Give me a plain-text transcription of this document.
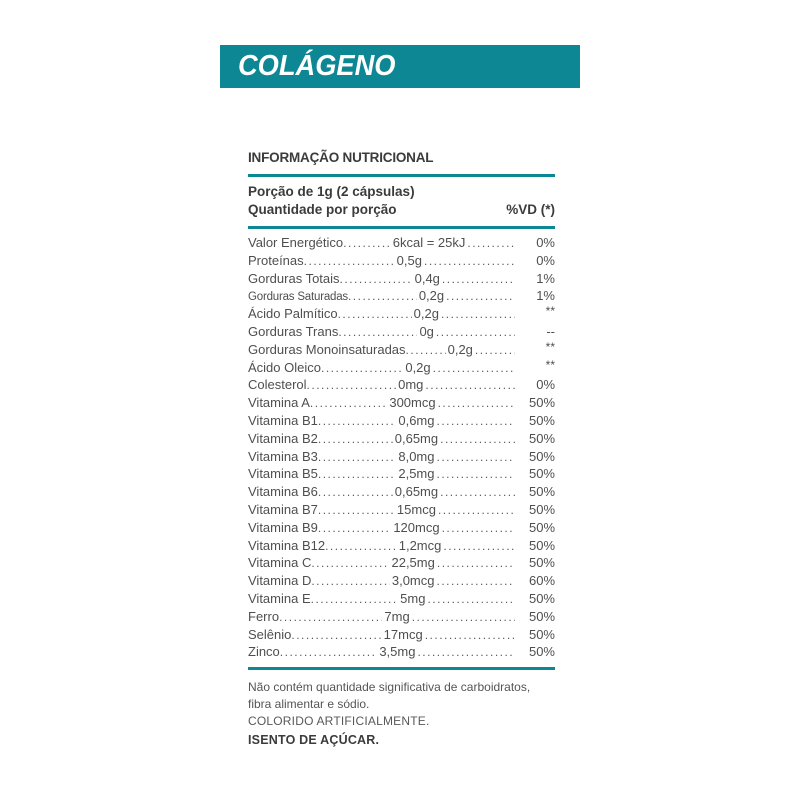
COLÁGENO
INFORMAÇÃO NUTRICIONAL
Porção de 1g (2 cápsulas)
Quantidade por porção	%VD (*)
Valor Energético .....	6kcal = 25kJ .....	0%
Proteínas .....	0,5g .....	0%
Gorduras Totais .....	0,4g .....	1%
Gorduras Saturadas .....	0,2g .....	1%
Ácido Palmítico .....	0,2g .....	**
Gorduras Trans .....	0g .....	--
Gorduras Monoinsaturadas .....	0,2g .....	**
Ácido Oleico .....	0,2g .....	**
Colesterol .....	0mg .....	0%
Vitamina A .....	300mcg .....	50%
Vitamina B1 .....	0,6mg .....	50%
Vitamina B2 .....	0,65mg .....	50%
Vitamina B3 .....	8,0mg .....	50%
Vitamina B5 .....	2,5mg .....	50%
Vitamina B6 .....	0,65mg .....	50%
Vitamina B7 .....	15mcg .....	50%
Vitamina B9 .....	120mcg .....	50%
Vitamina B12 .....	1,2mcg .....	50%
Vitamina C .....	22,5mg .....	50%
Vitamina D .....	3,0mcg .....	60%
Vitamina E .....	5mg .....	50%
Ferro .....	7mg .....	50%
Selênio .....	17mcg .....	50%
Zinco .....	3,5mg .....	50%
Não contém quantidade significativa de carboidratos, fibra alimentar e sódio.
COLORIDO ARTIFICIALMENTE.
ISENTO DE AÇÚCAR.
